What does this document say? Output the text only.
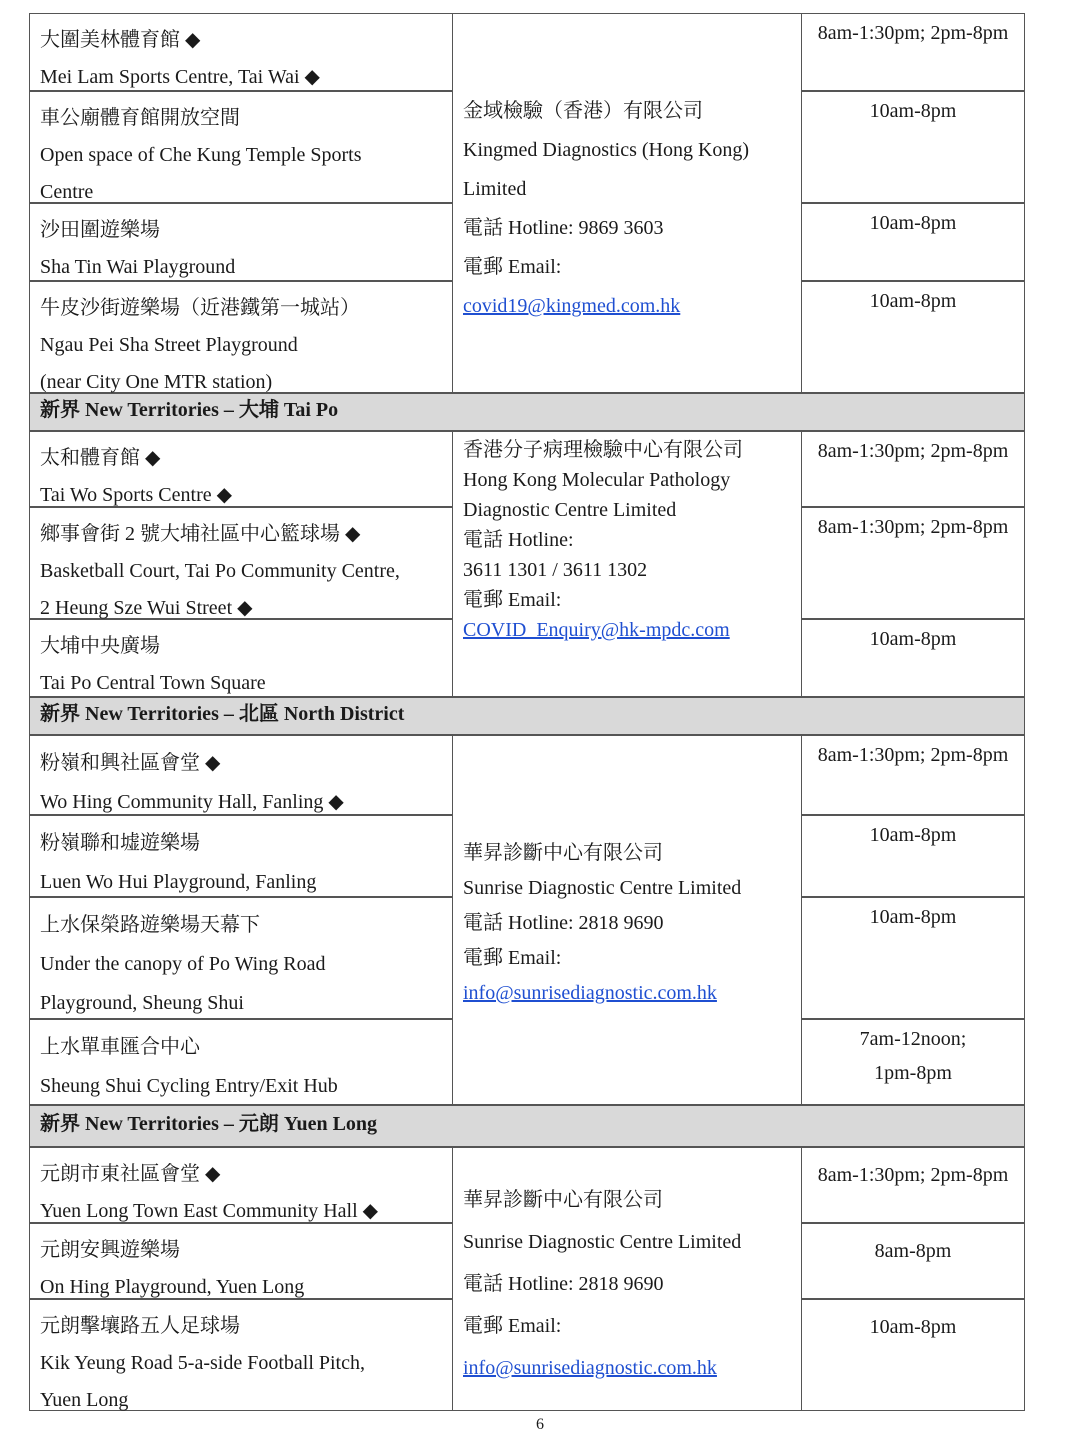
大圍美林體育館 ◆
Mei Lam Sports Centre, Tai Wai ◆
車公廟體育館開放空間
Open space of Che Kung Temple Sports
Centre
沙田圍遊樂場
Sha Tin Wai Playground
牛皮沙街遊樂場（近港鐵第一城站）
Ngau Pei Sha Street Playground
(near City One MTR station)
金域檢驗（香港）有限公司
Kingmed Diagnostics (Hong Kong)
Limited
電話 Hotline: 9869 3603
電郵 Email:
covid19@kingmed.com.hk
8am-1:30pm; 2pm-8pm
10am-8pm
10am-8pm
10am-8pm
新界 New Territories – 大埔 Tai Po
太和體育館 ◆
Tai Wo Sports Centre ◆
鄉事會街 2 號大埔社區中心籃球場 ◆
Basketball Court, Tai Po Community Centre,
2 Heung Sze Wui Street ◆
大埔中央廣場
Tai Po Central Town Square
香港分子病理檢驗中心有限公司
Hong Kong Molecular Pathology
Diagnostic Centre Limited
電話 Hotline:
3611 1301 / 3611 1302
電郵 Email:
COVID_Enquiry@hk-mpdc.com
8am-1:30pm; 2pm-8pm
8am-1:30pm; 2pm-8pm
10am-8pm
新界 New Territories – 北區 North District
粉嶺和興社區會堂 ◆
Wo Hing Community Hall, Fanling ◆
粉嶺聯和墟遊樂場
Luen Wo Hui Playground, Fanling
上水保榮路遊樂場天幕下
Under the canopy of Po Wing Road
Playground, Sheung Shui
上水單車匯合中心
Sheung Shui Cycling Entry/Exit Hub
華昇診斷中心有限公司
Sunrise Diagnostic Centre Limited
電話 Hotline: 2818 9690
電郵 Email:
info@sunrisediagnostic.com.hk
8am-1:30pm; 2pm-8pm
10am-8pm
10am-8pm
7am-12noon;
1pm-8pm
新界 New Territories – 元朗 Yuen Long
元朗市東社區會堂 ◆
Yuen Long Town East Community Hall ◆
元朗安興遊樂場
On Hing Playground, Yuen Long
元朗擊壤路五人足球場
Kik Yeung Road 5-a-side Football Pitch,
Yuen Long
華昇診斷中心有限公司
Sunrise Diagnostic Centre Limited
電話 Hotline: 2818 9690
電郵 Email:
info@sunrisediagnostic.com.hk
8am-1:30pm; 2pm-8pm
8am-8pm
10am-8pm
6
